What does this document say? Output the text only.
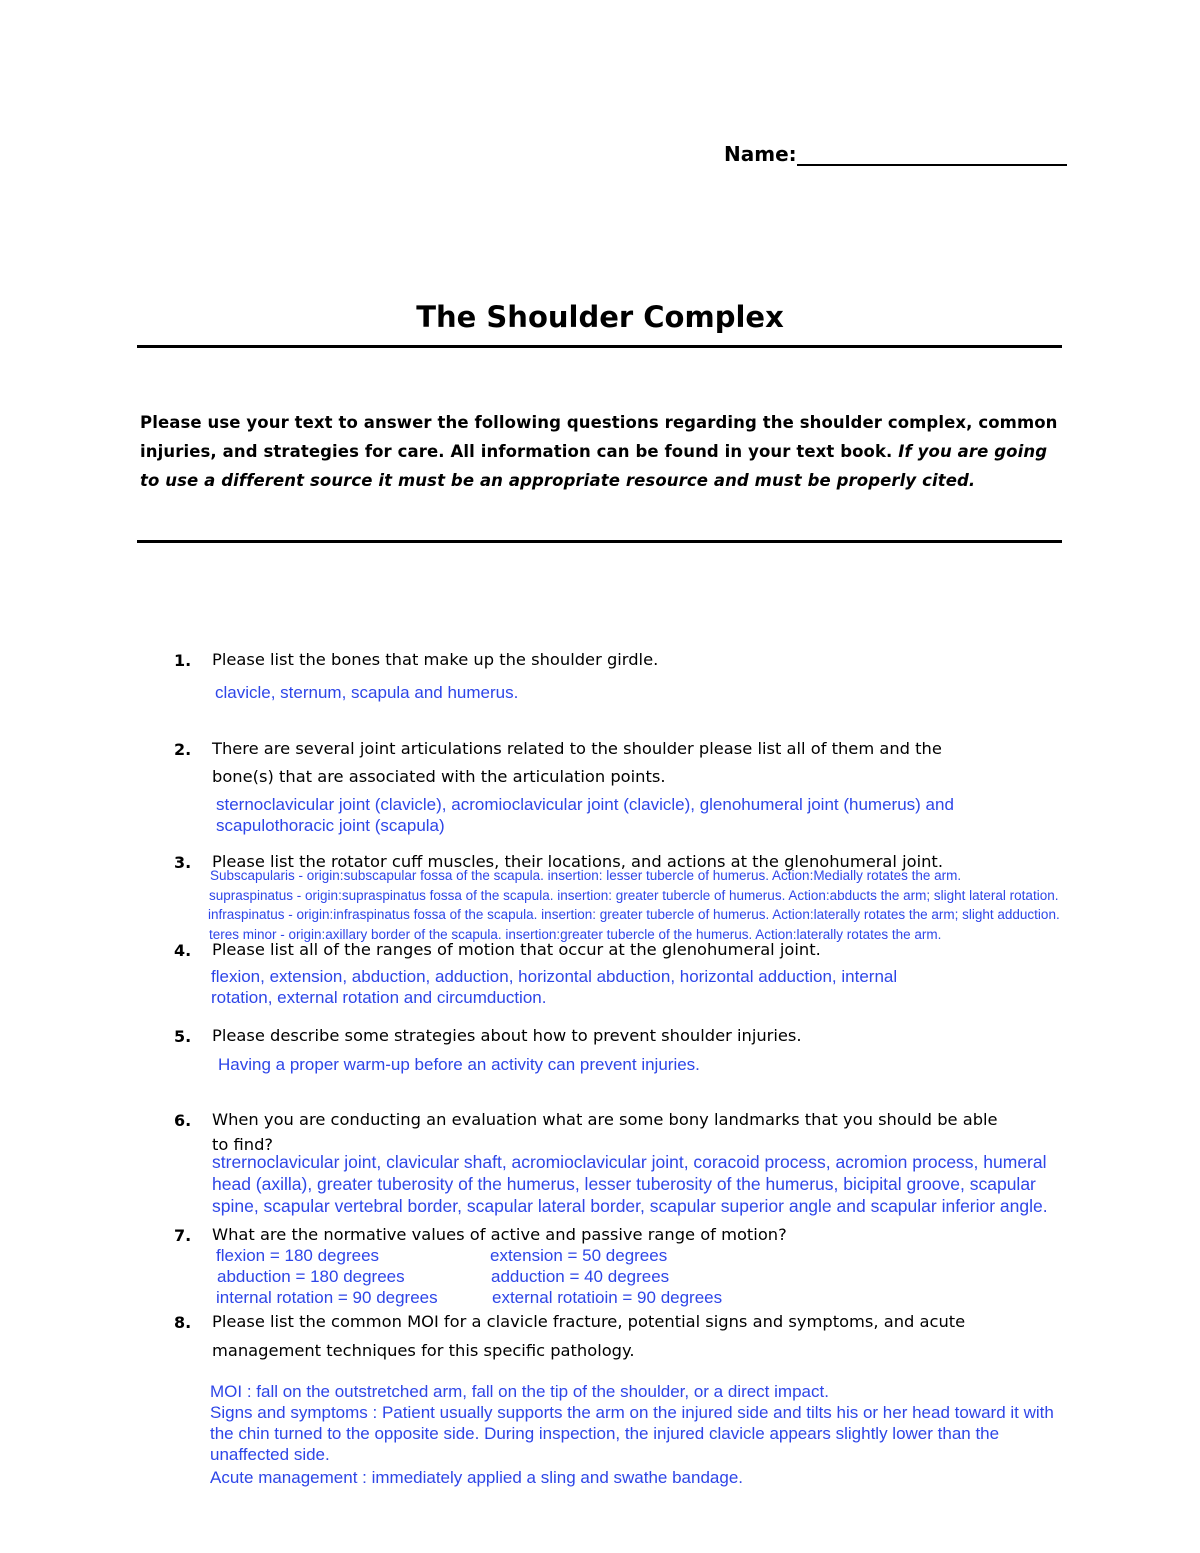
Name:
The Shoulder Complex
Please use your text to answer the following questions regarding the shoulder complex, common injuries, and strategies for care. All information can be found in your text book. If you are going to use a different source it must be an appropriate resource and must be properly cited.
1. Please list the bones that make up the shoulder girdle.
clavicle, sternum, scapula and humerus.
2. There are several joint articulations related to the shoulder please list all of them and the
bone(s) that are associated with the articulation points.
sternoclavicular joint (clavicle), acromioclavicular joint (clavicle), glenohumeral joint (humerus) and
scapulothoracic joint (scapula)
3. Please list the rotator cuff muscles, their locations, and actions at the glenohumeral joint.
Subscapularis - origin:subscapular fossa of the scapula. insertion: lesser tubercle of humerus. Action:Medially rotates the arm.
supraspinatus - origin:supraspinatus fossa of the scapula. insertion: greater tubercle of humerus. Action:abducts the arm; slight lateral rotation.
infraspinatus - origin:infraspinatus fossa of the scapula. insertion: greater tubercle of humerus. Action:laterally rotates the arm; slight adduction.
teres minor - origin:axillary border of the scapula. insertion:greater tubercle of the humerus. Action:laterally rotates the arm.
4. Please list all of the ranges of motion that occur at the glenohumeral joint.
flexion, extension, abduction, adduction, horizontal abduction, horizontal adduction, internal
rotation, external rotation and circumduction.
5. Please describe some strategies about how to prevent shoulder injuries.
Having a proper warm-up before an activity can prevent injuries.
6. When you are conducting an evaluation what are some bony landmarks that you should be able
to find?
strernoclavicular joint, clavicular shaft, acromioclavicular joint, coracoid process, acromion process, humeral
head (axilla), greater tuberosity of the humerus, lesser tuberosity of the humerus, bicipital groove, scapular
spine, scapular vertebral border, scapular lateral border, scapular superior angle and scapular inferior angle.
7. What are the normative values of active and passive range of motion?
flexion = 180 degrees	extension = 50 degrees
abduction = 180 degrees	adduction = 40 degrees
internal rotation = 90 degrees	external rotatioin = 90 degrees
8. Please list the common MOI for a clavicle fracture, potential signs and symptoms, and acute
management techniques for this specific pathology.
MOI : fall on the outstretched arm, fall on the tip of the shoulder, or a direct impact.
Signs and symptoms : Patient usually supports the arm on the injured side and tilts his or her head toward it with
the chin turned to the opposite side. During inspection, the injured clavicle appears slightly lower than the
unaffected side.
Acute management : immediately applied a sling and swathe bandage.
